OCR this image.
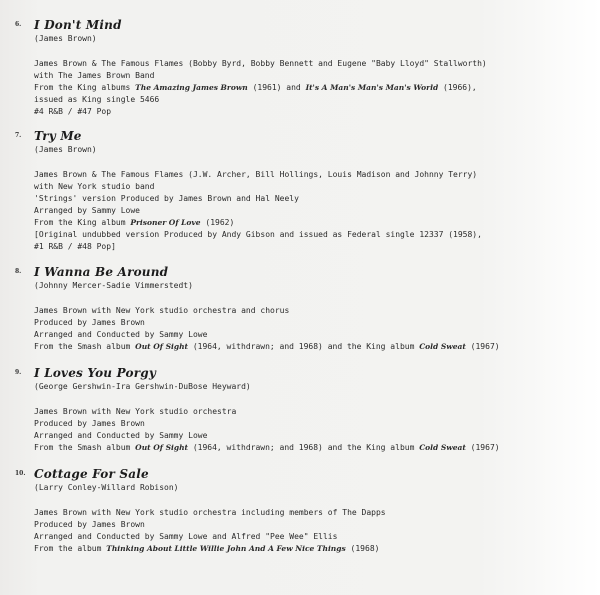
6. I Don't Mind
(James Brown)
James Brown & The Famous Flames (Bobby Byrd, Bobby Bennett and Eugene "Baby Lloyd" Stallworth)
with The James Brown Band
From the King albums The Amazing James Brown (1961) and It's A Man's Man's Man's World (1966),
issued as King single 5466
#4 R&B / #47 Pop
7. Try Me
(James Brown)
James Brown & The Famous Flames (J.W. Archer, Bill Hollings, Louis Madison and Johnny Terry)
with New York studio band
'Strings' version Produced by James Brown and Hal Neely
Arranged by Sammy Lowe
From the King album Prisoner Of Love (1962)
[Original undubbed version Produced by Andy Gibson and issued as Federal single 12337 (1958),
#1 R&B / #48 Pop]
8. I Wanna Be Around
(Johnny Mercer-Sadie Vimmerstedt)
James Brown with New York studio orchestra and chorus
Produced by James Brown
Arranged and Conducted by Sammy Lowe
From the Smash album Out Of Sight (1964, withdrawn; and 1968) and the King album Cold Sweat (1967)
9. I Loves You Porgy
(George Gershwin-Ira Gershwin-DuBose Heyward)
James Brown with New York studio orchestra
Produced by James Brown
Arranged and Conducted by Sammy Lowe
From the Smash album Out Of Sight (1964, withdrawn; and 1968) and the King album Cold Sweat (1967)
10. Cottage For Sale
(Larry Conley-Willard Robison)
James Brown with New York studio orchestra including members of The Dapps
Produced by James Brown
Arranged and Conducted by Sammy Lowe and Alfred "Pee Wee" Ellis
From the album Thinking About Little Willie John And A Few Nice Things (1968)
